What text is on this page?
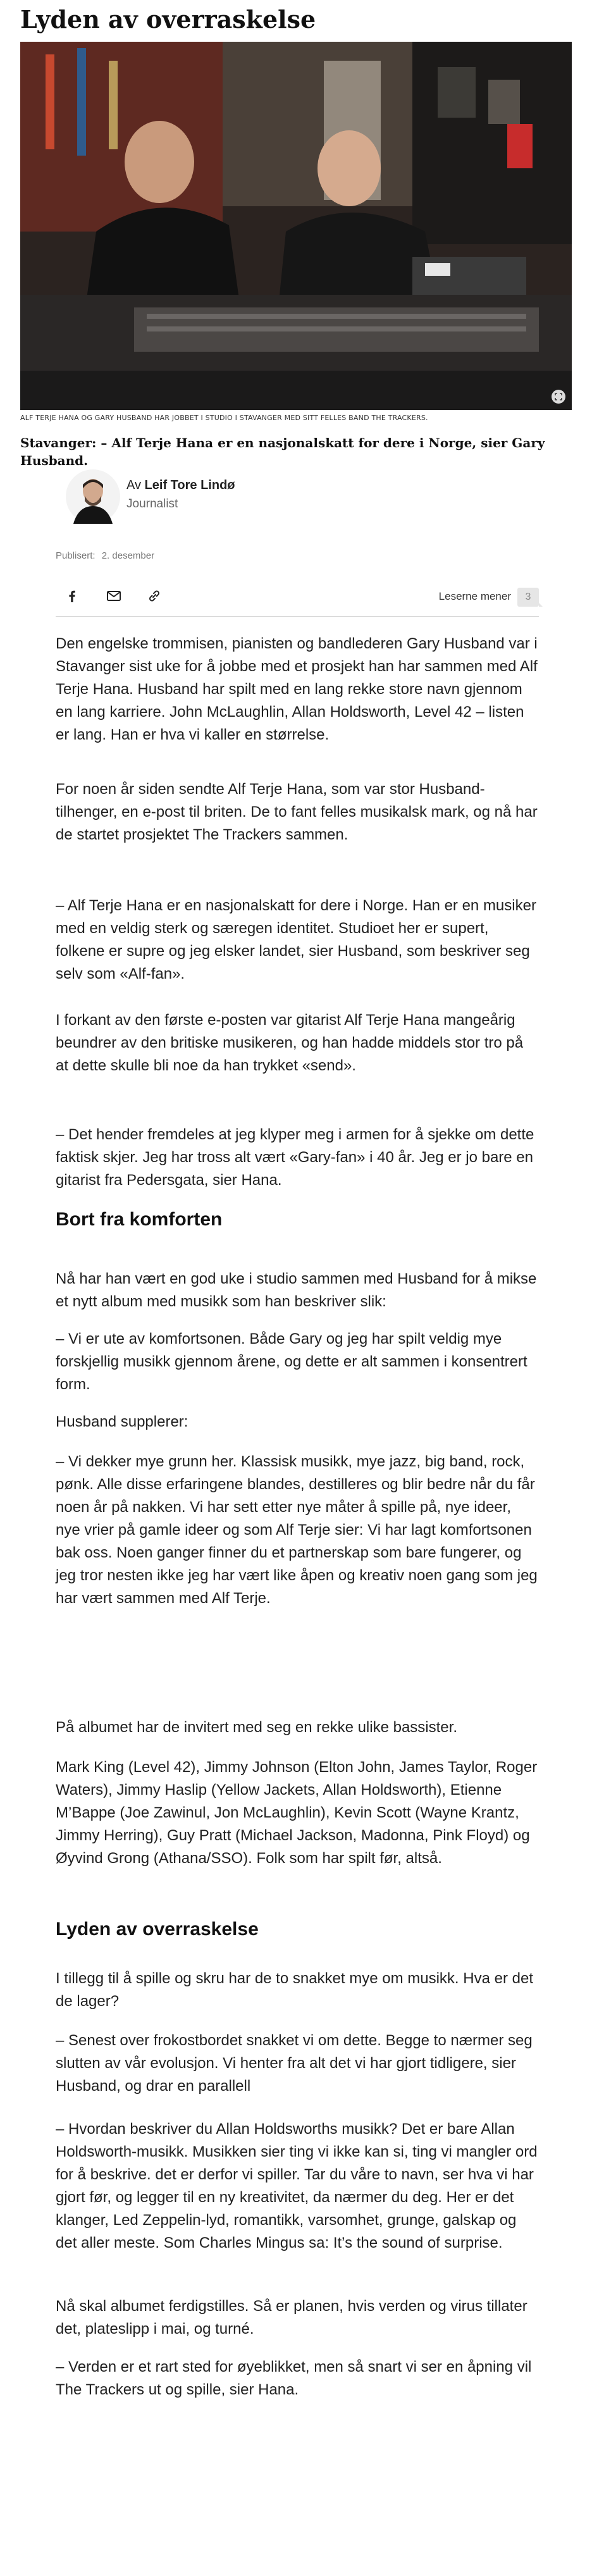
Lyden av overraskelse
ALF TERJE HANA OG GARY HUSBAND HAR JOBBET I STUDIO I STAVANGER MED SITT FELLES BAND THE TRACKERS.

Stavanger: – Alf Terje Hana er en nasjonalskatt for dere i Norge, sier Gary Husband.

Av Leif Tore Lindø
Journalist
Publisert: 2. desember
Leserne mener 3

Den engelske trommisen, pianisten og bandlederen Gary Husband var i Stavanger sist uke for å jobbe med et prosjekt han har sammen med Alf Terje Hana. Husband har spilt med en lang rekke store navn gjennom en lang karriere. John McLaughlin, Allan Holdsworth, Level 42 – listen er lang. Han er hva vi kaller en størrelse.

For noen år siden sendte Alf Terje Hana, som var stor Husband-tilhenger, en e-post til briten. De to fant felles musikalsk mark, og nå har de startet prosjektet The Trackers sammen.

– Alf Terje Hana er en nasjonalskatt for dere i Norge. Han er en musiker med en veldig sterk og særegen identitet. Studioet her er supert, folkene er supre og jeg elsker landet, sier Husband, som beskriver seg selv som «Alf-fan».

I forkant av den første e-posten var gitarist Alf Terje Hana mangeårig beundrer av den britiske musikeren, og han hadde middels stor tro på at dette skulle bli noe da han trykket «send».

– Det hender fremdeles at jeg klyper meg i armen for å sjekke om dette faktisk skjer. Jeg har tross alt vært «Gary-fan» i 40 år. Jeg er jo bare en gitarist fra Pedersgata, sier Hana.

Bort fra komforten

Nå har han vært en god uke i studio sammen med Husband for å mikse et nytt album med musikk som han beskriver slik:

– Vi er ute av komfortsonen. Både Gary og jeg har spilt veldig mye forskjellig musikk gjennom årene, og dette er alt sammen i konsentrert form.

Husband supplerer:

– Vi dekker mye grunn her. Klassisk musikk, mye jazz, big band, rock, pønk. Alle disse erfaringene blandes, destilleres og blir bedre når du får noen år på nakken. Vi har sett etter nye måter å spille på, nye ideer, nye vrier på gamle ideer og som Alf Terje sier: Vi har lagt komfortsonen bak oss. Noen ganger finner du et partnerskap som bare fungerer, og jeg tror nesten ikke jeg har vært like åpen og kreativ noen gang som jeg har vært sammen med Alf Terje.

På albumet har de invitert med seg en rekke ulike bassister.

Mark King (Level 42), Jimmy Johnson (Elton John, James Taylor, Roger Waters), Jimmy Haslip (Yellow Jackets, Allan Holdsworth), Etienne M’Bappe (Joe Zawinul, Jon McLaughlin), Kevin Scott (Wayne Krantz, Jimmy Herring), Guy Pratt (Michael Jackson, Madonna, Pink Floyd) og Øyvind Grong (Athana/SSO). Folk som har spilt før, altså.

Lyden av overraskelse

I tillegg til å spille og skru har de to snakket mye om musikk. Hva er det de lager?

– Senest over frokostbordet snakket vi om dette. Begge to nærmer seg slutten av vår evolusjon. Vi henter fra alt det vi har gjort tidligere, sier Husband, og drar en parallell

– Hvordan beskriver du Allan Holdsworths musikk? Det er bare Allan Holdsworth-musikk. Musikken sier ting vi ikke kan si, ting vi mangler ord for å beskrive. det er derfor vi spiller. Tar du våre to navn, ser hva vi har gjort før, og legger til en ny kreativitet, da nærmer du deg. Her er det klanger, Led Zeppelin-lyd, romantikk, varsomhet, grunge, galskap og det aller meste. Som Charles Mingus sa: It’s the sound of surprise.

Nå skal albumet ferdigstilles. Så er planen, hvis verden og virus tillater det, plateslipp i mai, og turné.

– Verden er et rart sted for øyeblikket, men så snart vi ser en åpning vil The Trackers ut og spille, sier Hana.
